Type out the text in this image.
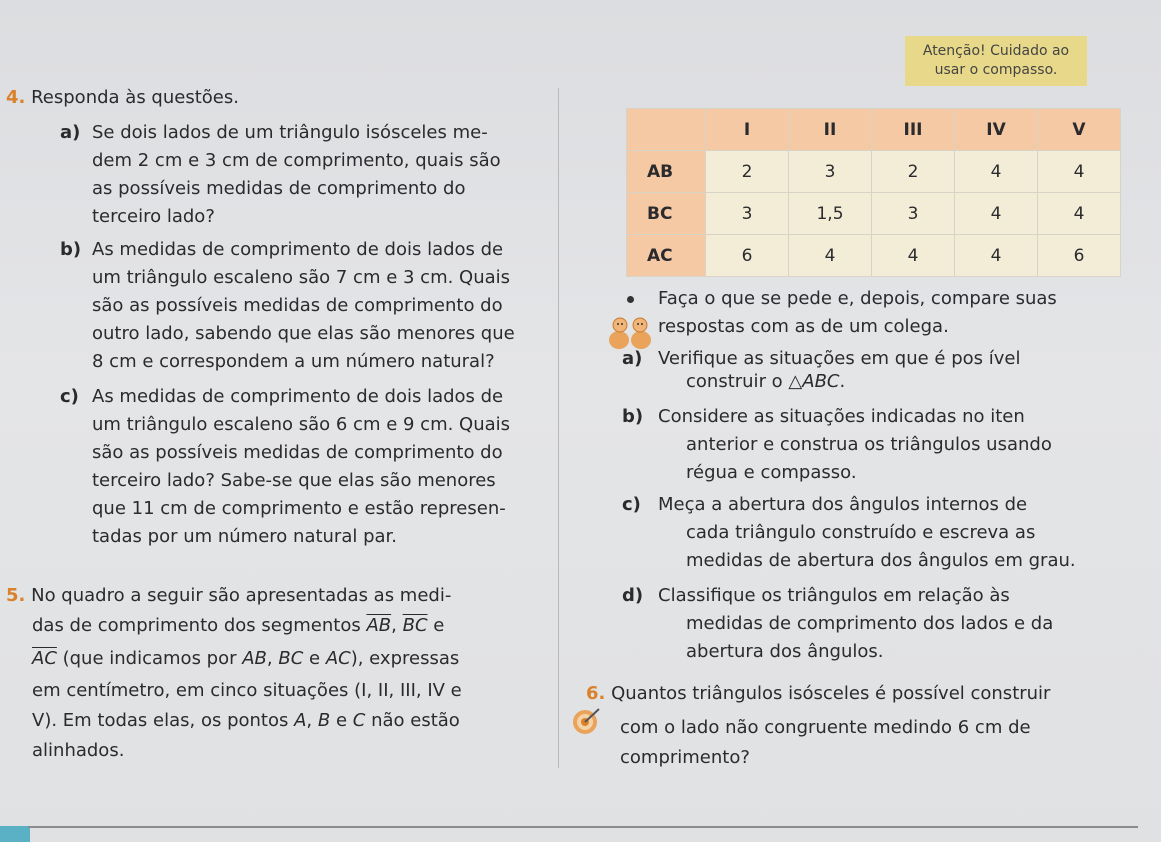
Atenção! Cuidado ao
usar o compasso.
4. Responda às questões.
a) Se dois lados de um triângulo isósceles me-
dem 2 cm e 3 cm de comprimento, quais são
as possíveis medidas de comprimento do
terceiro lado?
b) As medidas de comprimento de dois lados de
um triângulo escaleno são 7 cm e 3 cm. Quais
são as possíveis medidas de comprimento do
outro lado, sabendo que elas são menores que
8 cm e correspondem a um número natural?
c) As medidas de comprimento de dois lados de
um triângulo escaleno são 6 cm e 9 cm. Quais
são as possíveis medidas de comprimento do
terceiro lado? Sabe-se que elas são menores
que 11 cm de comprimento e estão represen-
tadas por um número natural par.
5. No quadro a seguir são apresentadas as medi-
das de comprimento dos segmentos $\overline{AB}$, $\overline{BC}$ e
$\overline{AC}$ (que indicamos por AB, BC e AC), expressas
em centímetro, em cinco situações (I, II, III, IV e
V). Em todas elas, os pontos A, B e C não estão
alinhados.
	I	II	III	IV	V
AB	2	3	2	4	4
BC	3	1,5	3	4	4
AC	6	4	4	4	6
Faça o que se pede e, depois, compare suas
respostas com as de um colega.
a) Verifique as situações em que é pos ível
construir o △ABC.
b) Considere as situações indicadas no iten
anterior e construa os triângulos usando
régua e compasso.
c) Meça a abertura dos ângulos internos de
cada triângulo construído e escreva as
medidas de abertura dos ângulos em grau.
d) Classifique os triângulos em relação às
medidas de comprimento dos lados e da
abertura dos ângulos.
6. Quantos triângulos isósceles é possível construir
com o lado não congruente medindo 6 cm de
comprimento?
